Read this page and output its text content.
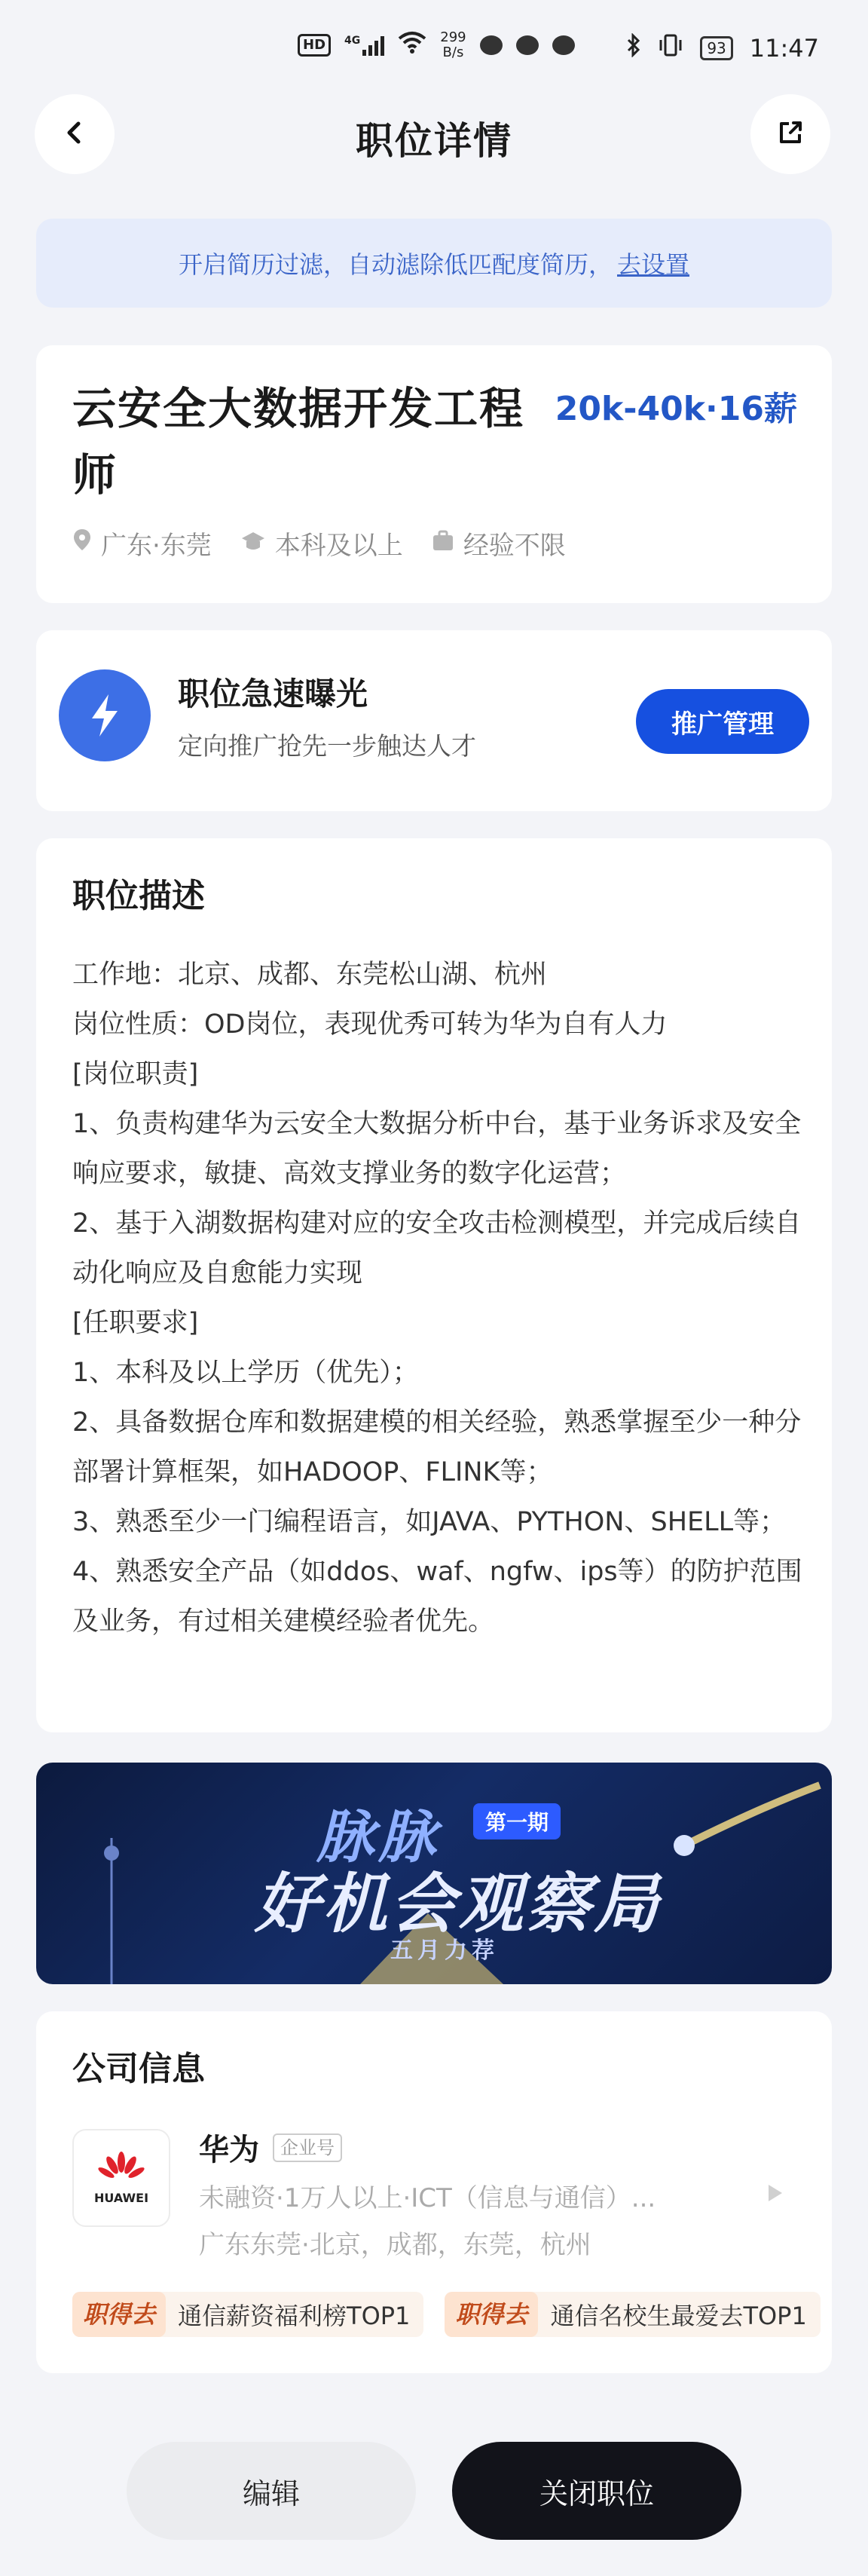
HD	4G	299
B/s	93 11:47
职位详情
开启简历过滤，自动滤除低匹配度简历， 去设置
云安全大数据开发工程师
20k-40k·16薪
广东·东莞 本科及以上 经验不限
职位急速曝光
定向推广抢先一步触达人才
推广管理
职位描述
工作地：北京、成都、东莞松山湖、杭州
岗位性质：OD岗位，表现优秀可转为华为自有人力
[岗位职责]
1、负责构建华为云安全大数据分析中台，基于业务诉求及安全响应要求，敏捷、高效支撑业务的数字化运营；
2、基于入湖数据构建对应的安全攻击检测模型，并完成后续自动化响应及自愈能力实现
[任职要求]
1、本科及以上学历（优先）；
2、具备数据仓库和数据建模的相关经验，熟悉掌握至少一种分部署计算框架，如HADOOP、FLINK等；
3、熟悉至少一门编程语言，如JAVA、PYTHON、SHELL等；
4、熟悉安全产品（如ddos、waf、ngfw、ips等）的防护范围及业务，有过相关建模经验者优先。
脉脉	第一期
好机会观察局
五月力荐
公司信息
HUAWEI
华为	企业号
未融资·1万人以上·ICT（信息与通信）...
广东东莞·北京，成都，东莞，杭州
职得去 通信薪资福利榜TOP1	职得去 通信名校生最爱去TOP1
编辑	关闭职位
